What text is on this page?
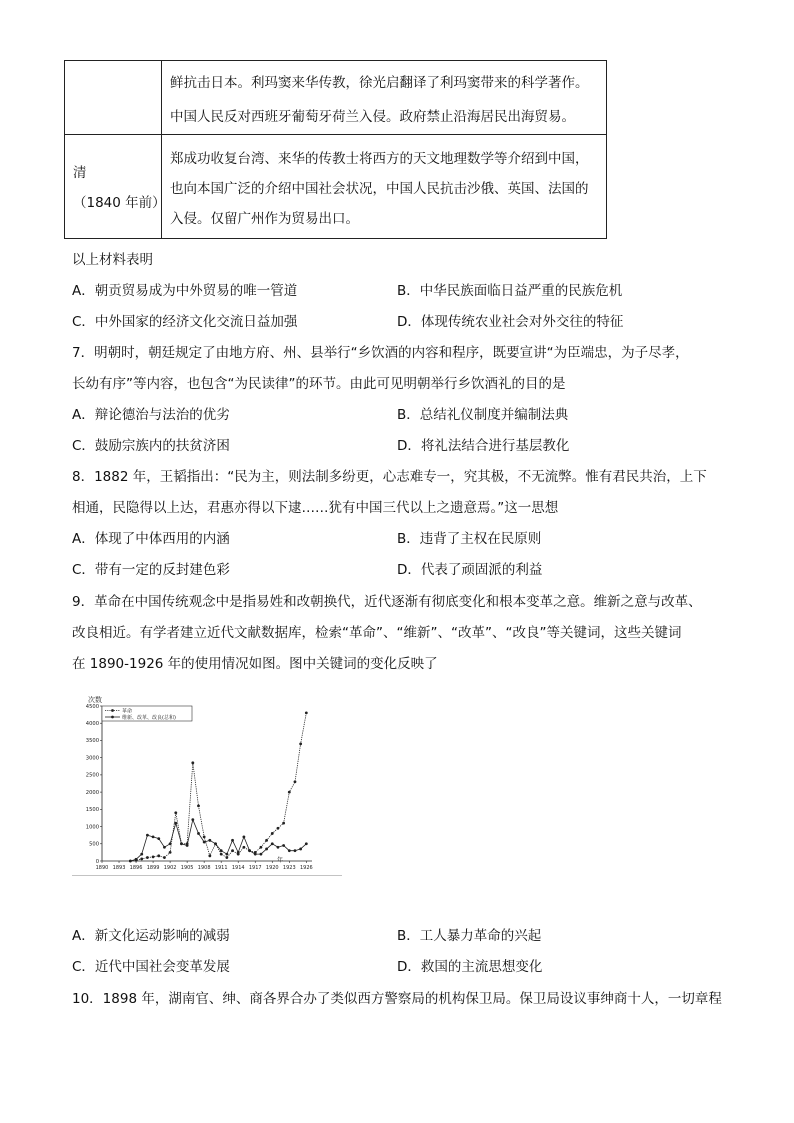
	鲜抗击日本。利玛窦来华传教，徐光启翻译了利玛窦带来的科学著作。
中国人民反对西班牙葡萄牙荷兰入侵。政府禁止沿海居民出海贸易。

清
（1840 年前）	郑成功收复台湾、来华的传教士将西方的天文地理数学等介绍到中国，
也向本国广泛的介绍中国社会状况，中国人民抗击沙俄、英国、法国的
入侵。仅留广州作为贸易出口。
以上材料表明
A．朝贡贸易成为中外贸易的唯一管道	B．中华民族面临日益严重的民族危机
C．中外国家的经济文化交流日益加强	D．体现传统农业社会对外交往的特征
7．明朝时，朝廷规定了由地方府、州、县举行“乡饮酒的内容和程序，既要宣讲“为臣端忠，为子尽孝，
长幼有序”等内容，也包含“为民读律”的环节。由此可见明朝举行乡饮酒礼的目的是
A．辩论德治与法治的优劣	B．总结礼仪制度并编制法典
C．鼓励宗族内的扶贫济困	D．将礼法结合进行基层教化
8．1882 年，王韬指出：“民为主，则法制多纷更，心志难专一，究其极，不无流弊。惟有君民共治，上下
相通，民隐得以上达，君惠亦得以下逮……犹有中国三代以上之遗意焉。”这一思想
A．体现了中体西用的内涵	B．违背了主权在民原则
C．带有一定的反封建色彩	D．代表了顽固派的利益
9．革命在中国传统观念中是指易姓和改朝换代，近代逐渐有彻底变化和根本变革之意。维新之意与改革、
改良相近。有学者建立近代文献数据库，检索“革命”、“维新”、“改革”、“改良”等关键词，这些关键词
在 1890-1926 年的使用情况如图。图中关键词的变化反映了
次数
年
0
500
1000
1500
2000
2500
3000
3500
4000
4500
1890 1893 1896 1899 1902 1905 1908 1911 1914 1917 1920 1923 1926
革命
维新、改革、改良(总和)
A．新文化运动影响的减弱	B．工人暴力革命的兴起
C．近代中国社会变革发展	D．救国的主流思想变化
10．1898 年，湖南官、绅、商各界合办了类似西方警察局的机构保卫局。保卫局设议事绅商十人，一切章程
